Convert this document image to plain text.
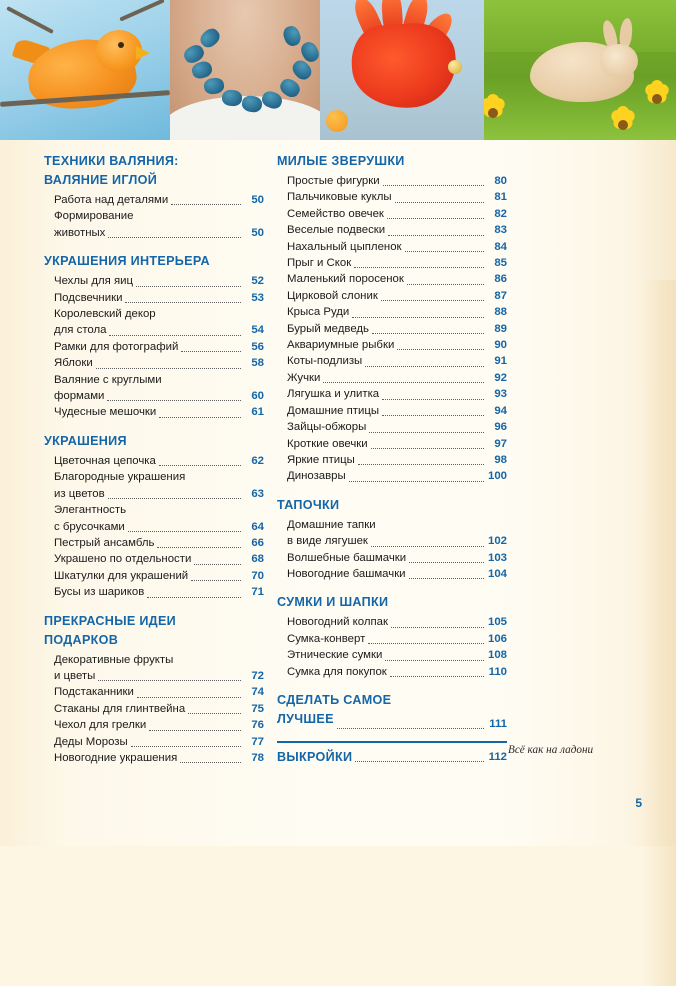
ТЕХНИКИ ВАЛЯНИЯ:
ВАЛЯНИЕ ИГЛОЙ
Работа над деталями	50
Формирование
животных	50
УКРАШЕНИЯ ИНТЕРЬЕРА
Чехлы для яиц	52
Подсвечники	53
Королевский декор
для стола	54
Рамки для фотографий	56
Яблоки	58
Валяние с круглыми
формами	60
Чудесные мешочки	61
УКРАШЕНИЯ
Цветочная цепочка	62
Благородные украшения
из цветов	63
Элегантность
с брусочками	64
Пестрый ансамбль	66
Украшено по отдельности	68
Шкатулки для украшений	70
Бусы из шариков	71
ПРЕКРАСНЫЕ ИДЕИ
ПОДАРКОВ
Декоративные фрукты
и цветы	72
Подстаканники	74
Стаканы для глинтвейна	75
Чехол для грелки	76
Деды Морозы	77
Новогодние украшения	78
МИЛЫЕ ЗВЕРУШКИ
Простые фигурки	80
Пальчиковые куклы	81
Семейство овечек	82
Веселые подвески	83
Нахальный цыпленок	84
Прыг и Скок	85
Маленький поросенок	86
Цирковой слоник	87
Крыса Руди	88
Бурый медведь	89
Аквариумные рыбки	90
Коты-подлизы	91
Жучки	92
Лягушка и улитка	93
Домашние птицы	94
Зайцы-обжоры	96
Кроткие овечки	97
Яркие птицы	98
Динозавры	100
ТАПОЧКИ
Домашние тапки
в виде лягушек	102
Волшебные башмачки	103
Новогодние башмачки	104
СУМКИ И ШАПКИ
Новогодний колпак	105
Сумка-конверт	106
Этнические сумки	108
Сумка для покупок	110
СДЕЛАТЬ САМОЕ
ЛУЧШЕЕ	111
ВЫКРОЙКИ	112
Всё как на ладони
5
